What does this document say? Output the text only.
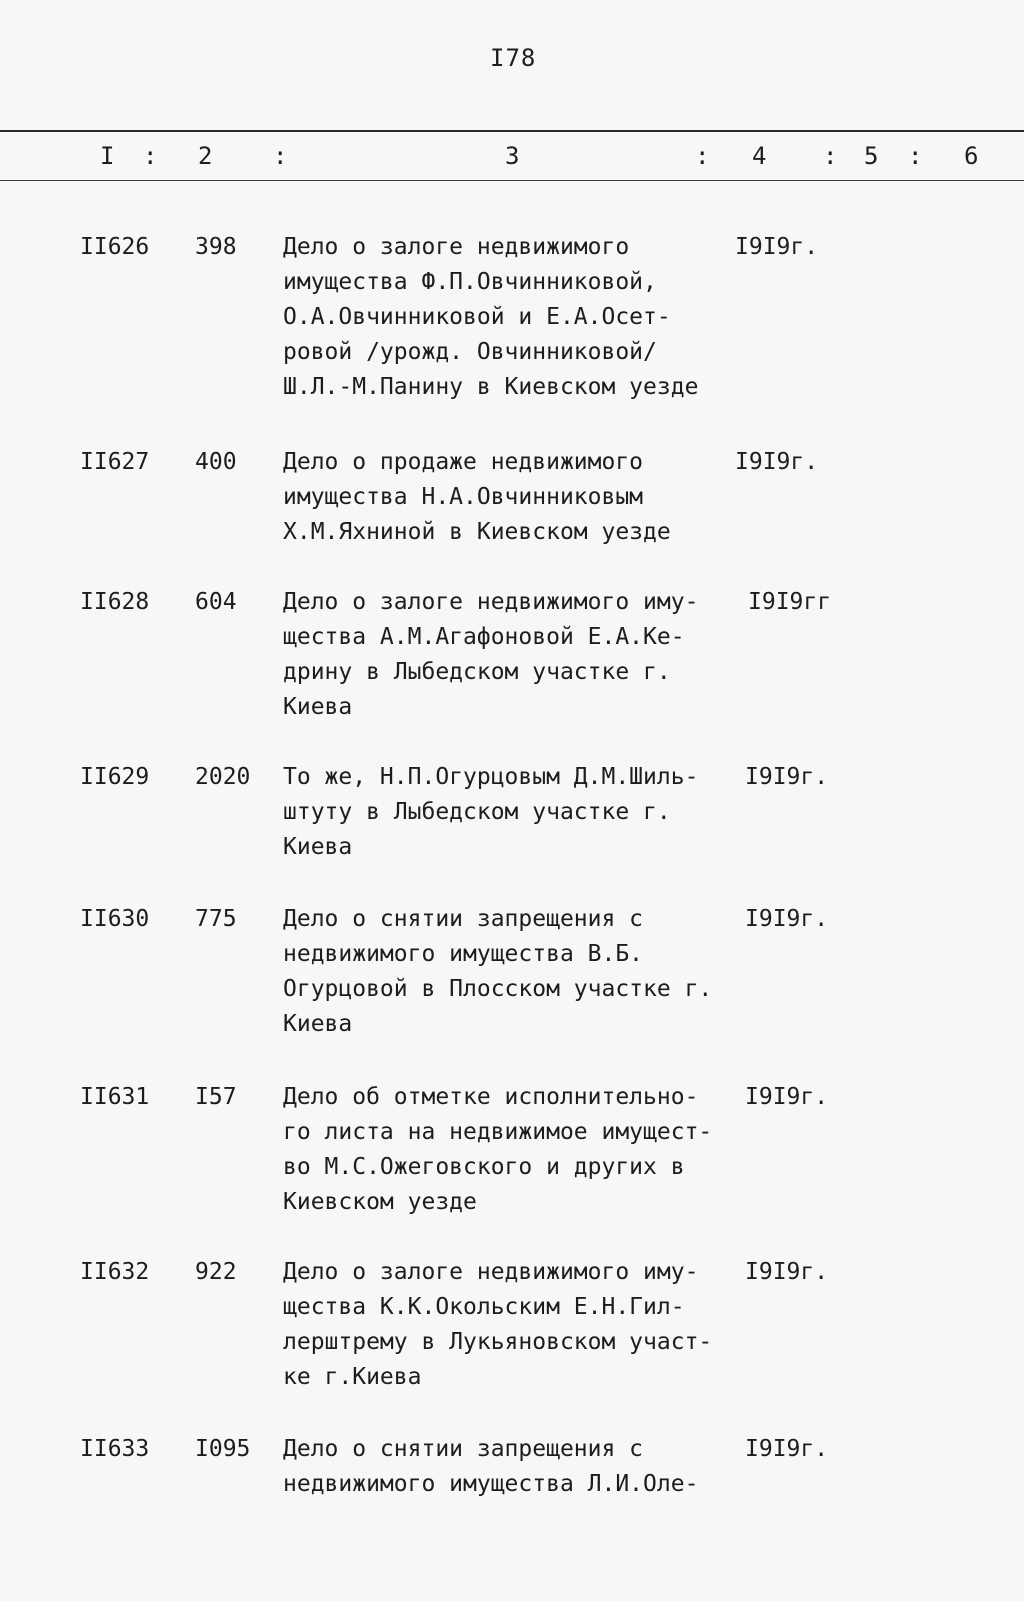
I78
I : 2	:	3	: 4 : 5 : 6
II626 398 Дело о залоге недвижимого
имущества Ф.П.Овчинниковой,
О.А.Овчинниковой и Е.А.Осет-
ровой /урожд. Овчинниковой/
Ш.Л.-М.Панину в Киевском уезде
I9I9г.
II627 400 Дело о продаже недвижимого
имущества Н.А.Овчинниковым
Х.М.Яхниной в Киевском уезде
I9I9г.
II628 604 Дело о залоге недвижимого иму-
щества А.М.Агафоновой Е.А.Ке-
дрину в Лыбедском участке г.
Киева
I9I9гг
II629 2020 То же, Н.П.Огурцовым Д.М.Шиль-
штуту в Лыбедском участке г.
Киева
I9I9г.
II630 775 Дело о снятии запрещения с
недвижимого имущества В.Б.
Огурцовой в Плосском участке г.
Киева
I9I9г.
II631 I57 Дело об отметке исполнительно-
го листа на недвижимое имущест-
во М.С.Ожеговского и других в
Киевском уезде
I9I9г.
II632 922 Дело о залоге недвижимого иму-
щества К.К.Окольским Е.Н.Гил-
лерштрему в Лукьяновском участ-
ке г.Киева
I9I9г.
II633 I095 Дело о снятии запрещения с
недвижимого имущества Л.И.Оле-
I9I9г.
